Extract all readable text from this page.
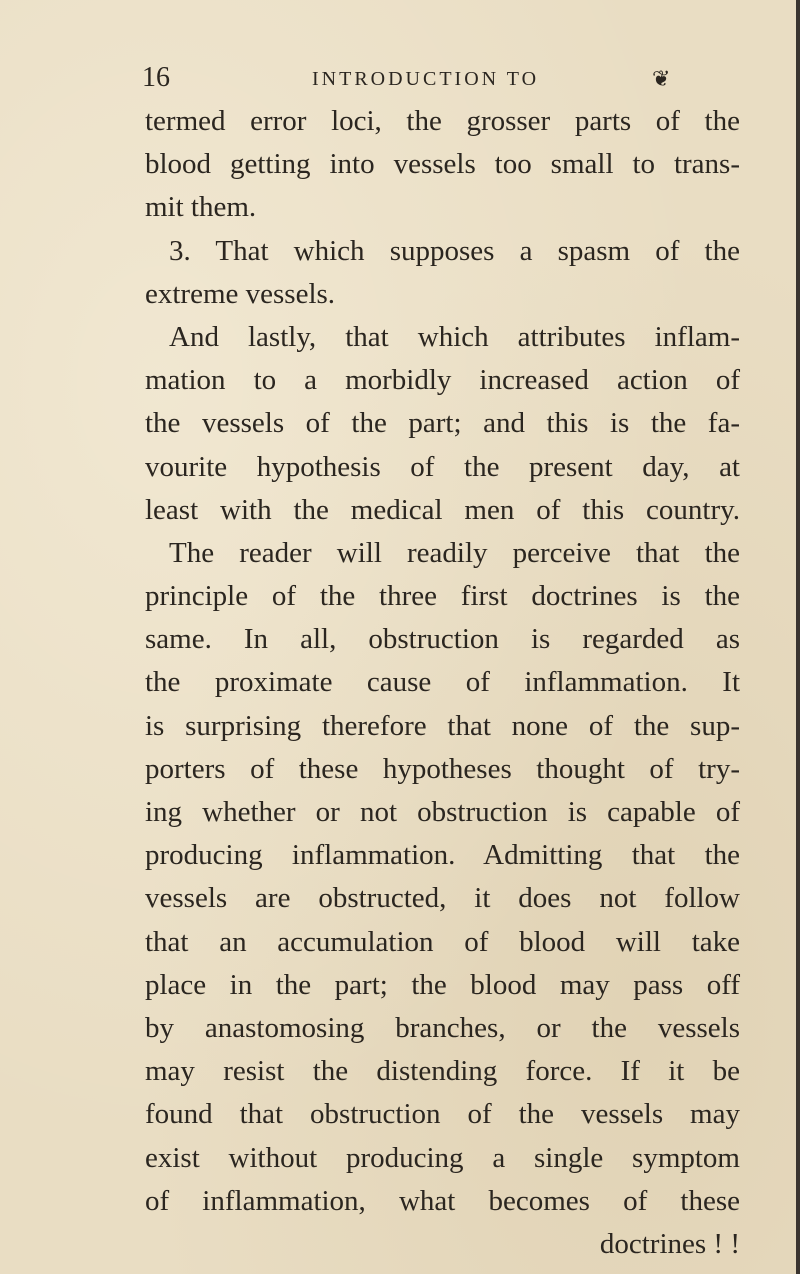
16	INTRODUCTION TO	❦
termed error loci, the grosser parts of the
blood getting into vessels too small to trans-
mit them.
3. That which supposes a spasm of the
extreme vessels.
And lastly, that which attributes inflam-
mation to a morbidly increased action of
the vessels of the part; and this is the fa-
vourite hypothesis of the present day, at
least with the medical men of this country.
The reader will readily perceive that the
principle of the three first doctrines is the
same. In all, obstruction is regarded as
the proximate cause of inflammation. It
is surprising therefore that none of the sup-
porters of these hypotheses thought of try-
ing whether or not obstruction is capable of
producing inflammation. Admitting that the
vessels are obstructed, it does not follow
that an accumulation of blood will take
place in the part; the blood may pass off
by anastomosing branches, or the vessels
may resist the distending force. If it be
found that obstruction of the vessels may
exist without producing a single symptom
of inflammation, what becomes of these
doctrines ! !
